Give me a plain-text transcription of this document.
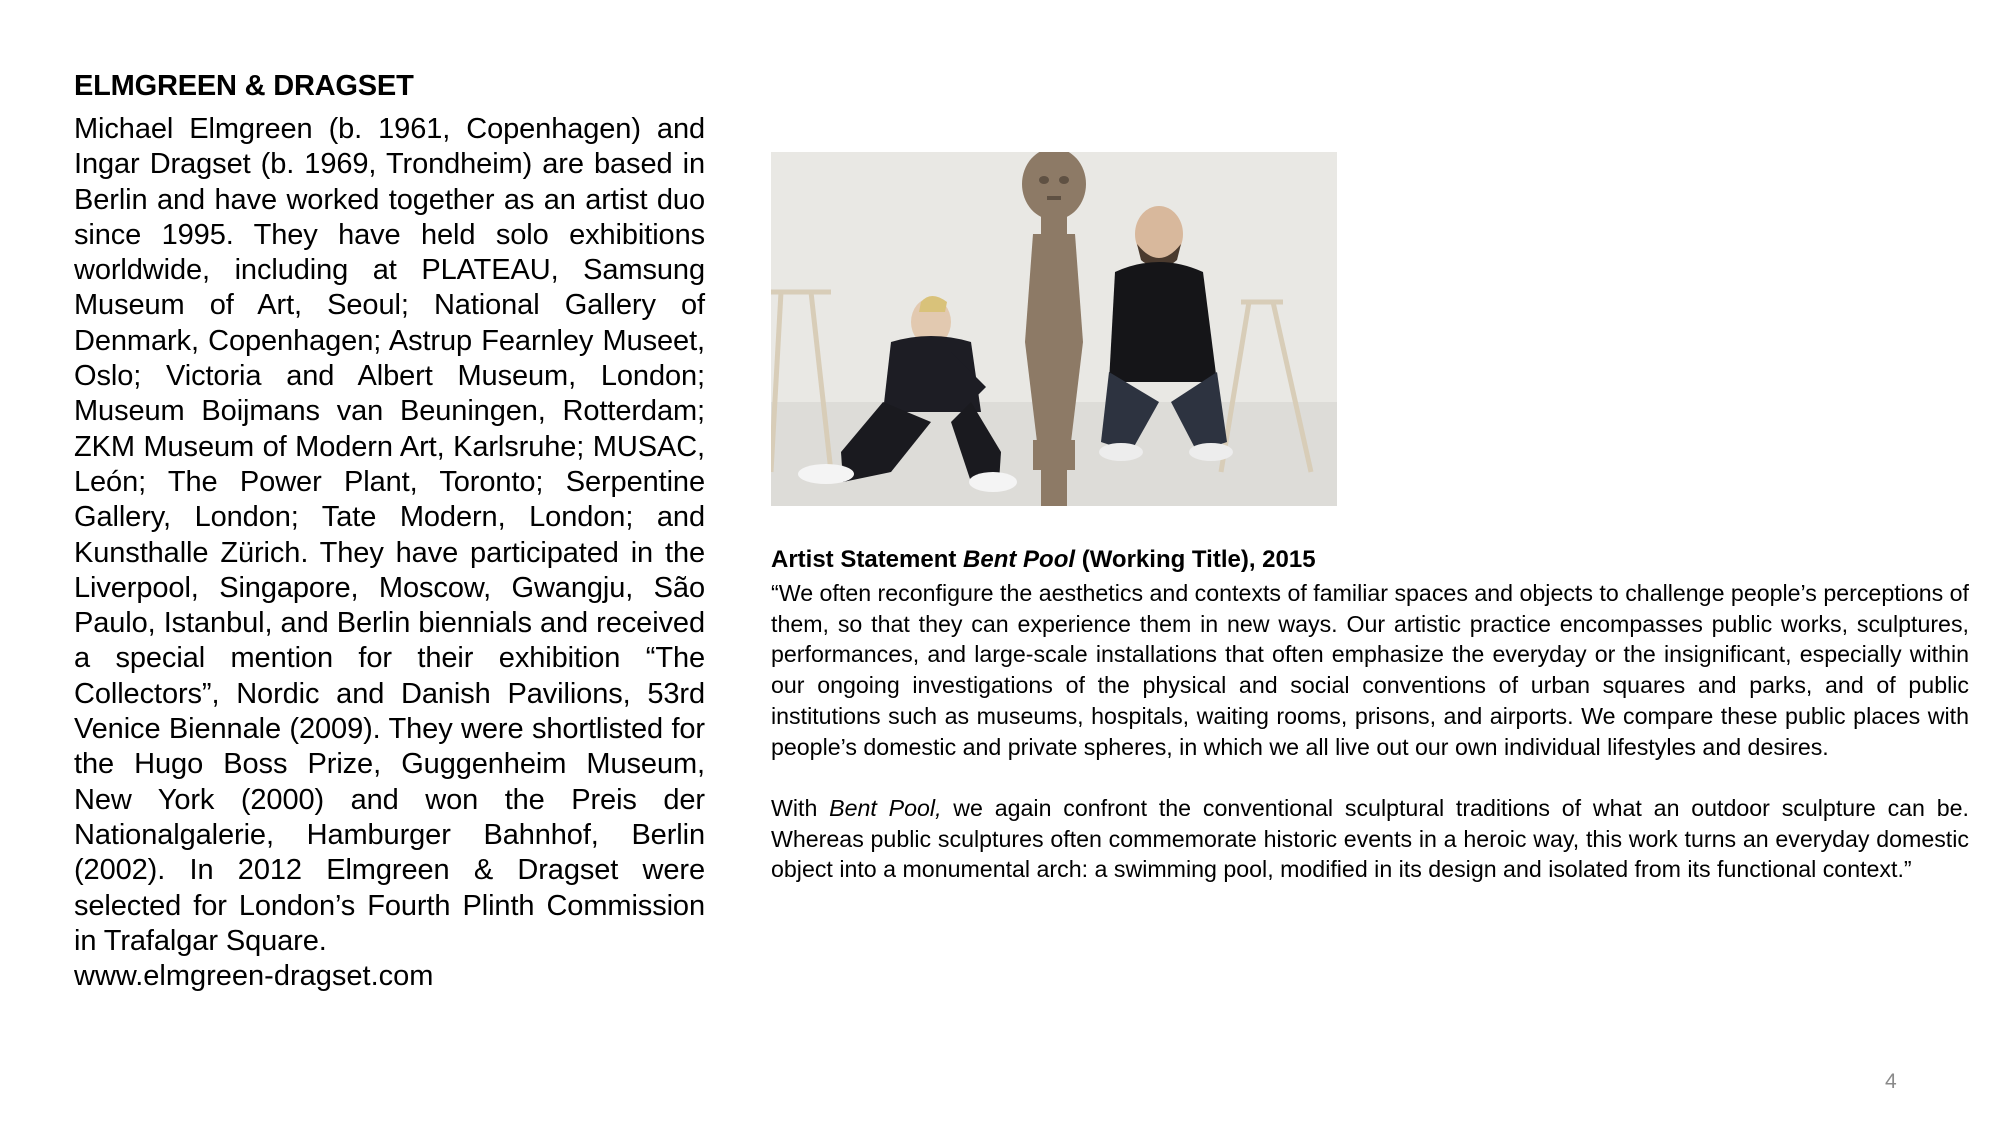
ELMGREEN & DRAGSET

Michael Elmgreen (b. 1961, Copenhagen) and Ingar Dragset (b. 1969, Trondheim) are based in Berlin and have worked together as an artist duo since 1995. They have held solo exhibitions worldwide, including at PLATEAU, Samsung Museum of Art, Seoul; National Gallery of Denmark, Copenhagen; Astrup Fearnley Museet, Oslo; Victoria and Albert Museum, London; Museum Boijmans van Beuningen, Rotterdam; ZKM Museum of Modern Art, Karlsruhe; MUSAC, León; The Power Plant, Toronto; Serpentine Gallery, London; Tate Modern, London; and Kunsthalle Zürich. They have participated in the Liverpool, Singapore, Moscow, Gwangju, São Paulo, Istanbul, and Berlin biennials and received a special mention for their exhibition “The Collectors”, Nordic and Danish Pavilions, 53rd Venice Biennale (2009). They were shortlisted for the Hugo Boss Prize, Guggenheim Museum, New York (2000) and won the Preis der Nationalgalerie, Hamburger Bahnhof, Berlin (2002). In 2012 Elmgreen & Dragset were selected for London’s Fourth Plinth Commission in Trafalgar Square.

www.elmgreen-dragset.com

Artist Statement Bent Pool (Working Title), 2015

“We often reconfigure the aesthetics and contexts of familiar spaces and objects to challenge people’s perceptions of them, so that they can experience them in new ways. Our artistic practice encompasses public works, sculptures, performances, and large-scale installations that often emphasize the everyday or the insignificant, especially within our ongoing investigations of the physical and social conventions of urban squares and parks, and of public institutions such as museums, hospitals, waiting rooms, prisons, and airports. We compare these public places with people’s domestic and private spheres, in which we all live out our own individual lifestyles and desires.

With Bent Pool, we again confront the conventional sculptural traditions of what an outdoor sculpture can be. Whereas public sculptures often commemorate historic events in a heroic way, this work turns an everyday domestic object into a monumental arch: a swimming pool, modified in its design and isolated from its functional context.”

4
